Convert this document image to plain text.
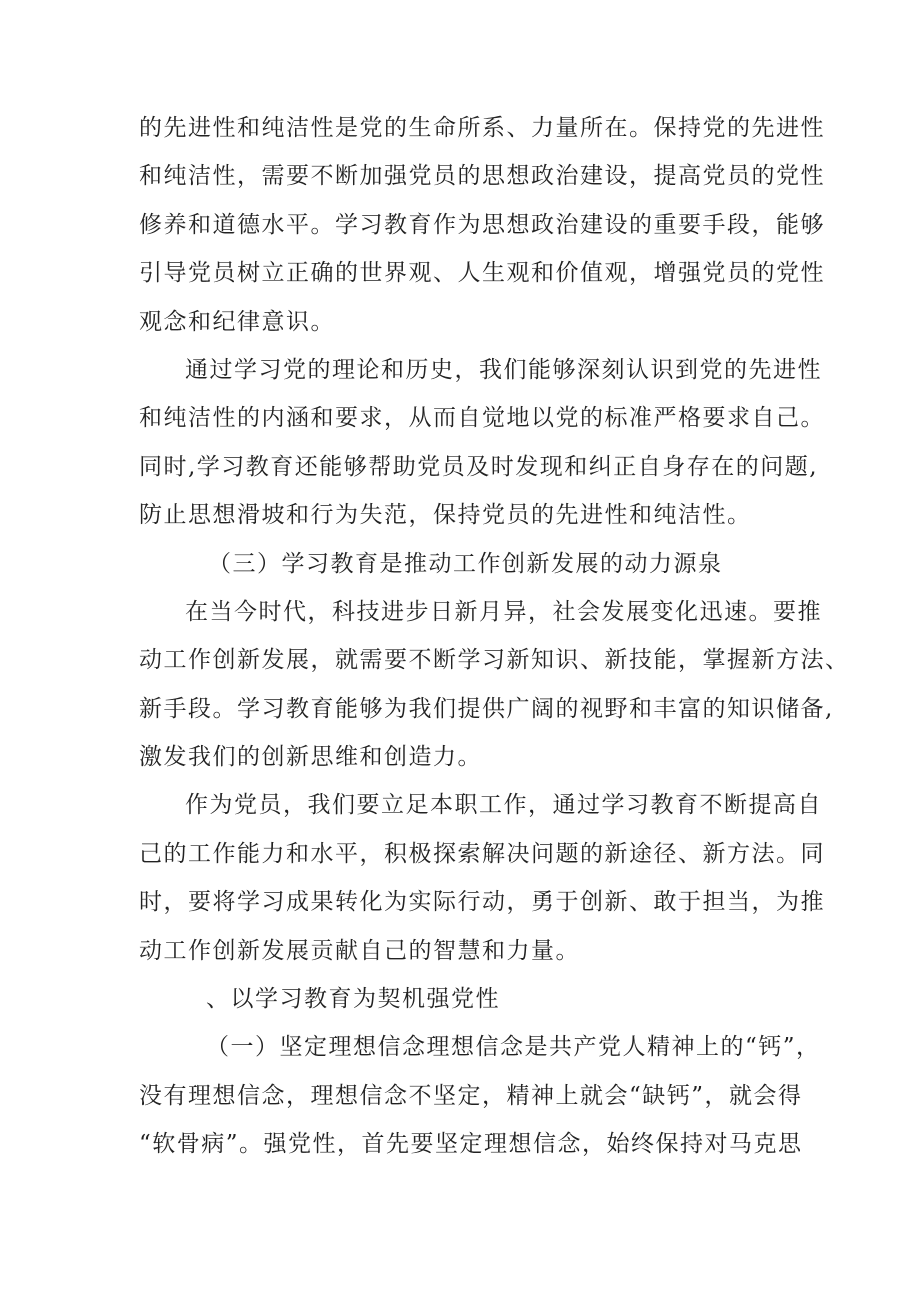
的先进性和纯洁性是党的生命所系、力量所在。保持党的先进性
和纯洁性，需要不断加强党员的思想政治建设，提高党员的党性
修养和道德水平。学习教育作为思想政治建设的重要手段，能够
引导党员树立正确的世界观、人生观和价值观，增强党员的党性
观念和纪律意识。
通过学习党的理论和历史，我们能够深刻认识到党的先进性
和纯洁性的内涵和要求，从而自觉地以党的标准严格要求自己。
同时,学习教育还能够帮助党员及时发现和纠正自身存在的问题,
防止思想滑坡和行为失范，保持党员的先进性和纯洁性。
（三）学习教育是推动工作创新发展的动力源泉
在当今时代，科技进步日新月异，社会发展变化迅速。要推
动工作创新发展，就需要不断学习新知识、新技能，掌握新方法、
新手段。学习教育能够为我们提供广阔的视野和丰富的知识储备,
激发我们的创新思维和创造力。
作为党员，我们要立足本职工作，通过学习教育不断提高自
己的工作能力和水平，积极探索解决问题的新途径、新方法。同
时，要将学习成果转化为实际行动，勇于创新、敢于担当，为推
动工作创新发展贡献自己的智慧和力量。
、以学习教育为契机强党性
（一）坚定理想信念理想信念是共产党人精神上的“钙”，
没有理想信念，理想信念不坚定，精神上就会“缺钙”，就会得
“软骨病”。强党性，首先要坚定理想信念，始终保持对马克思
